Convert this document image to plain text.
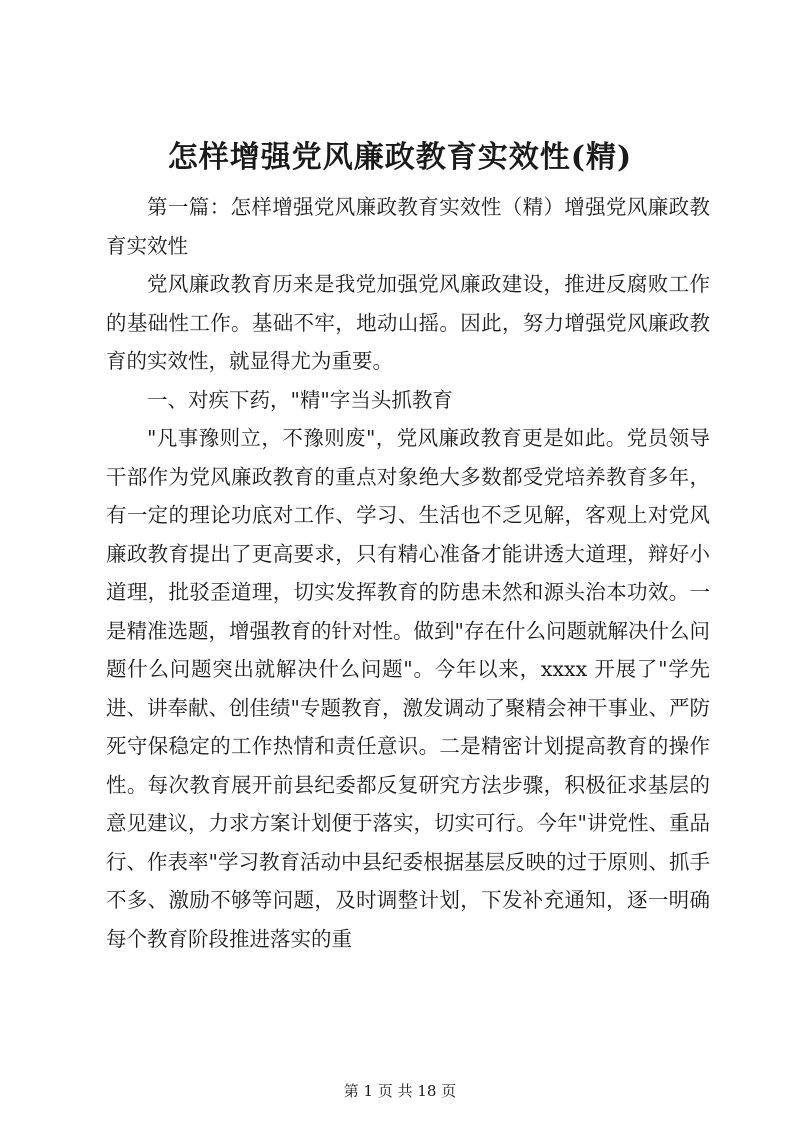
怎样增强党风廉政教育实效性(精)

第一篇：怎样增强党风廉政教育实效性（精）增强党风廉政教育实效性

党风廉政教育历来是我党加强党风廉政建设，推进反腐败工作的基础性工作。基础不牢，地动山摇。因此，努力增强党风廉政教育的实效性，就显得尤为重要。

一、对疾下药，"精"字当头抓教育

"凡事豫则立，不豫则废"，党风廉政教育更是如此。党员领导干部作为党风廉政教育的重点对象绝大多数都受党培养教育多年，有一定的理论功底对工作、学习、生活也不乏见解，客观上对党风廉政教育提出了更高要求，只有精心准备才能讲透大道理，辩好小道理，批驳歪道理，切实发挥教育的防患未然和源头治本功效。一是精准选题，增强教育的针对性。做到"存在什么问题就解决什么问题什么问题突出就解决什么问题"。今年以来，xxxx 开展了"学先进、讲奉献、创佳绩"专题教育，激发调动了聚精会神干事业、严防死守保稳定的工作热情和责任意识。二是精密计划提高教育的操作性。每次教育展开前县纪委都反复研究方法步骤，积极征求基层的意见建议，力求方案计划便于落实，切实可行。今年"讲党性、重品行、作表率"学习教育活动中县纪委根据基层反映的过于原则、抓手不多、激励不够等问题，及时调整计划，下发补充通知，逐一明确每个教育阶段推进落实的重

第 1 页 共 18 页
